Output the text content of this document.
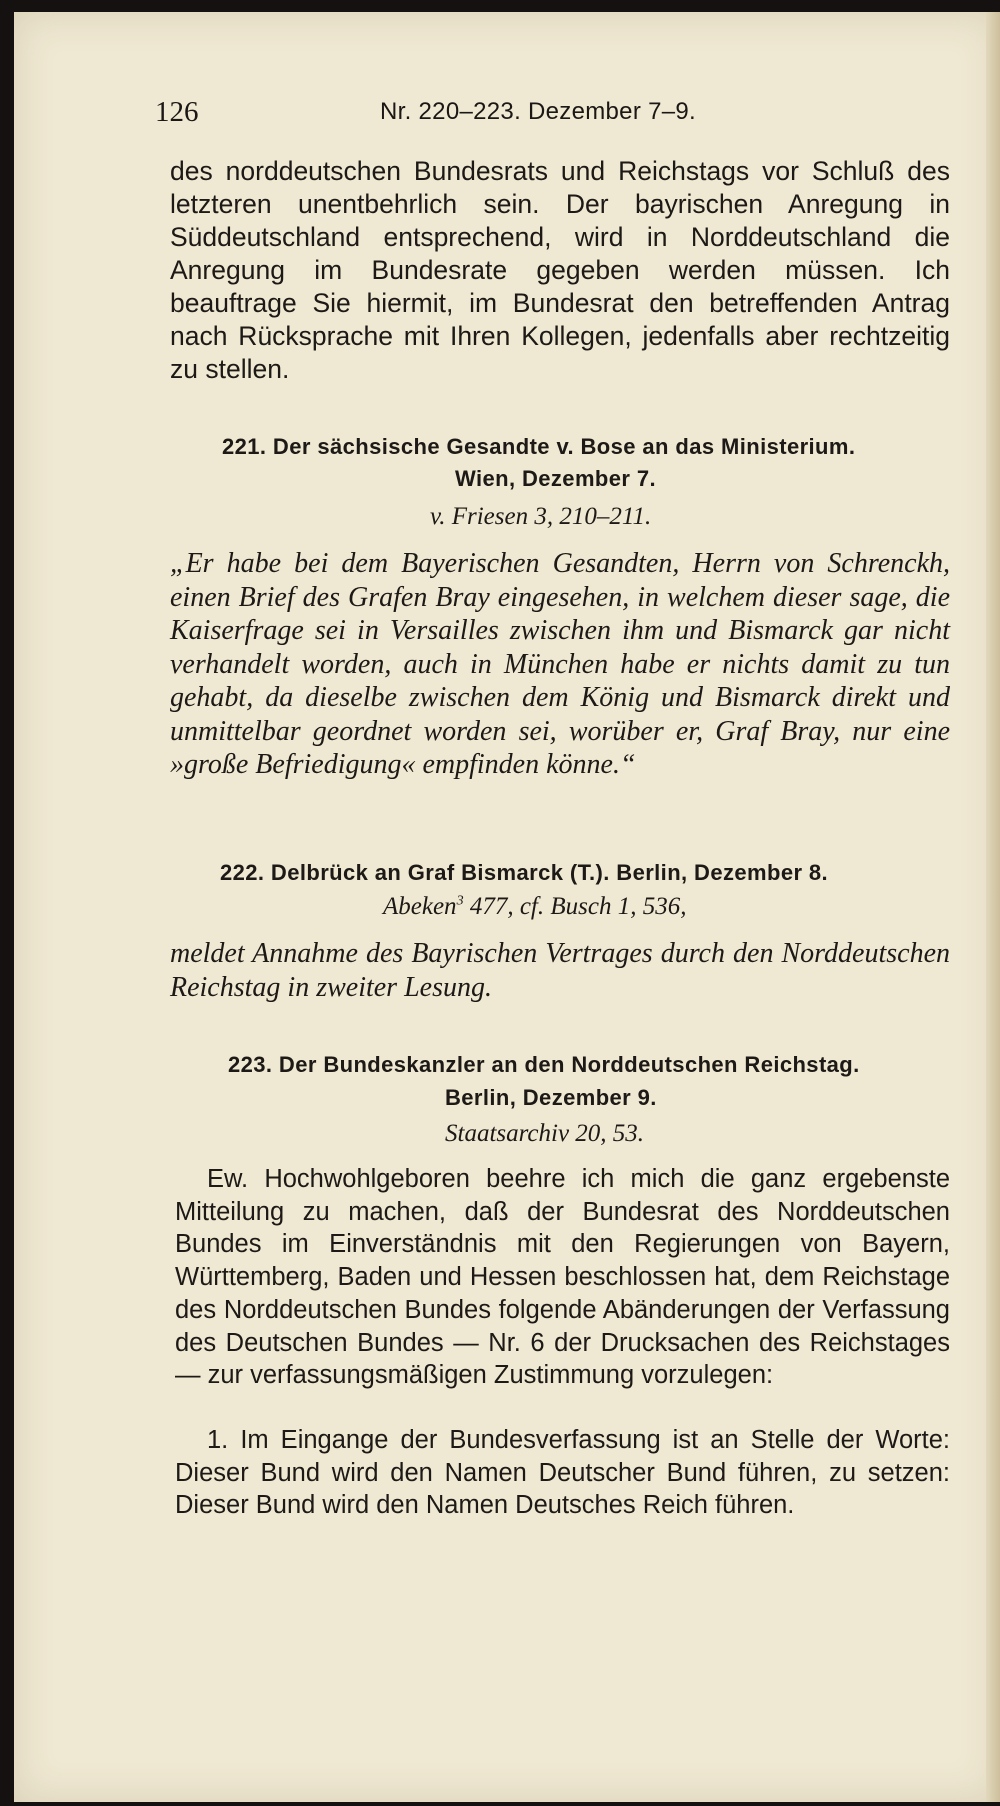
126	Nr. 220–223. Dezember 7–9.
des norddeutschen Bundesrats und Reichstags vor Schluß des letzteren unentbehrlich sein. Der bayrischen Anregung in Süddeutschland entsprechend, wird in Norddeutschland die Anregung im Bundesrate gegeben werden müssen. Ich beauftrage Sie hiermit, im Bundesrat den betreffenden Antrag nach Rücksprache mit Ihren Kollegen, jedenfalls aber rechtzeitig zu stellen.
221. Der sächsische Gesandte v. Bose an das Ministerium.
Wien, Dezember 7.
v. Friesen 3, 210–211.
„Er habe bei dem Bayerischen Gesandten, Herrn von Schrenckh, einen Brief des Grafen Bray eingesehen, in welchem dieser sage, die Kaiserfrage sei in Versailles zwischen ihm und Bismarck gar nicht verhandelt worden, auch in München habe er nichts damit zu tun gehabt, da dieselbe zwischen dem König und Bismarck direkt und unmittelbar geordnet worden sei, worüber er, Graf Bray, nur eine »große Befriedigung« empfinden könne.“
222. Delbrück an Graf Bismarck (T.). Berlin, Dezember 8.
Abeken$^3$ 477, cf. Busch 1, 536,
meldet Annahme des Bayrischen Vertrages durch den Norddeutschen Reichstag in zweiter Lesung.
223. Der Bundeskanzler an den Norddeutschen Reichstag.
Berlin, Dezember 9.
Staatsarchiv 20, 53.
Ew. Hochwohlgeboren beehre ich mich die ganz ergebenste Mitteilung zu machen, daß der Bundesrat des Norddeutschen Bundes im Einverständnis mit den Regierungen von Bayern, Württemberg, Baden und Hessen beschlossen hat, dem Reichstage des Norddeutschen Bundes folgende Abänderungen der Verfassung des Deutschen Bundes — Nr. 6 der Drucksachen des Reichstages — zur verfassungsmäßigen Zustimmung vorzulegen:
1. Im Eingange der Bundesverfassung ist an Stelle der Worte: Dieser Bund wird den Namen Deutscher Bund führen, zu setzen: Dieser Bund wird den Namen Deutsches Reich führen.
